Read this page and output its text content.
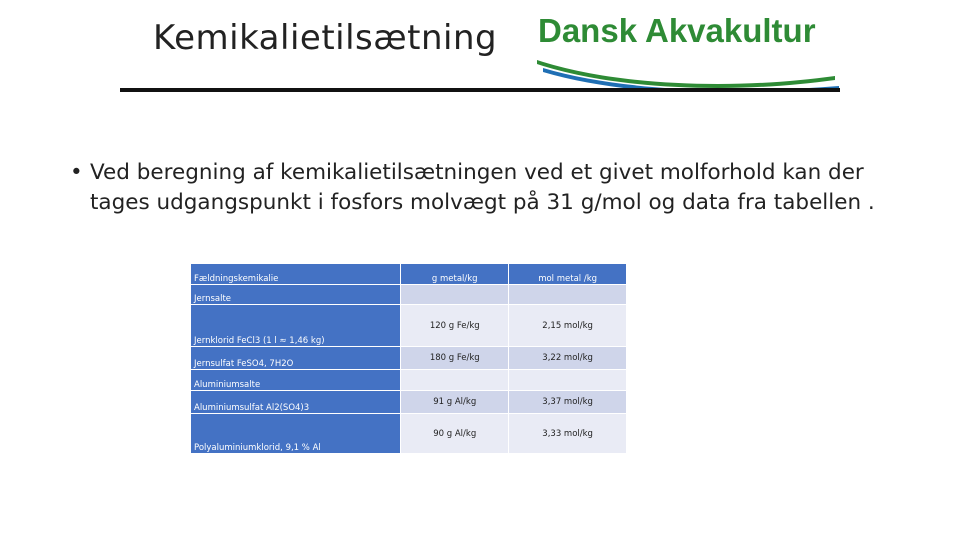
Kemikalietilsætning Dansk Akvakultur
• Ved beregning af kemikalietilsætningen ved et givet molforhold kan der tages udgangspunkt i fosfors molvægt på 31 g/mol og data fra tabellen .
Fældningskemikalie	g metal/kg	mol metal /kg
Jernsalte		
Jernklorid FeCl3 (1 l ≈ 1,46 kg)	120 g Fe/kg	2,15 mol/kg
Jernsulfat FeSO4, 7H2O	180 g Fe/kg	3,22 mol/kg
Aluminiumsalte		
Aluminiumsulfat Al2(SO4)3	91 g Al/kg	3,37 mol/kg
Polyaluminiumklorid, 9,1 % Al	90 g Al/kg	3,33 mol/kg
